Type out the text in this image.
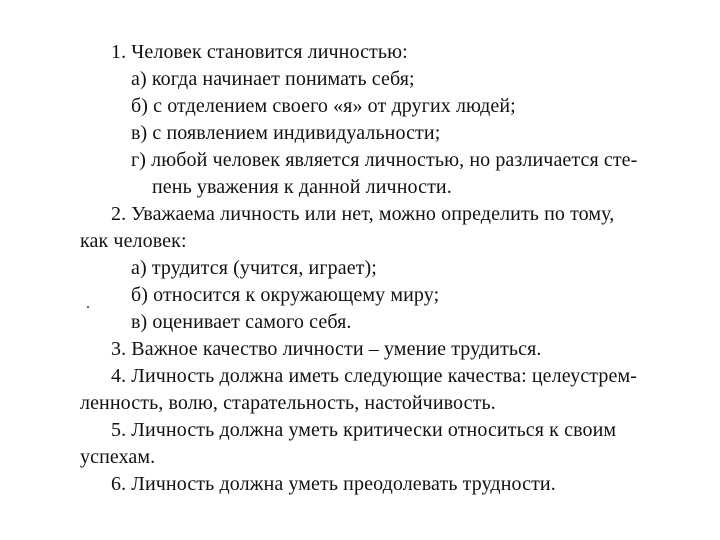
1. Человек становится личностью:
а) когда начинает понимать себя;
б) с отделением своего «я» от других людей;
в) с появлением индивидуальности;
г) любой человек является личностью, но различается сте-
пень уважения к данной личности.
2. Уважаема личность или нет, можно определить по тому,
как человек:
а) трудится (учится, играет);
б) относится к окружающему миру;
в) оценивает самого себя.
3. Важное качество личности – умение трудиться.
4. Личность должна иметь следующие качества: целеустрем-
ленность, волю, старательность, настойчивость.
5. Личность должна уметь критически относиться к своим
успехам.
6. Личность должна уметь преодолевать трудности.
